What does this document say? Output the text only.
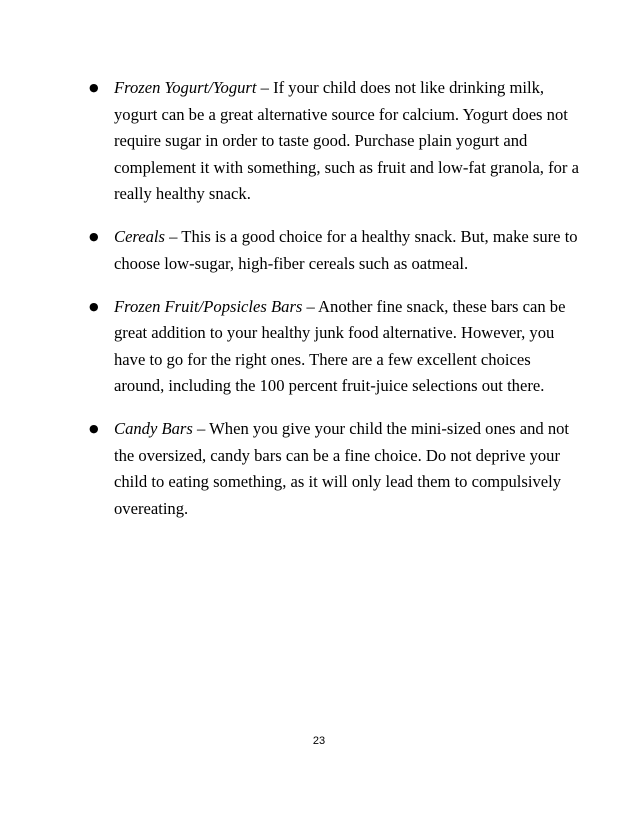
● Frozen Yogurt/Yogurt – If your child does not like drinking milk, yogurt can be a great alternative source for calcium. Yogurt does not require sugar in order to taste good. Purchase plain yogurt and complement it with something, such as fruit and low-fat granola, for a really healthy snack.
● Cereals – This is a good choice for a healthy snack. But, make sure to choose low-sugar, high-fiber cereals such as oatmeal.
● Frozen Fruit/Popsicles Bars – Another fine snack, these bars can be great addition to your healthy junk food alternative. However, you have to go for the right ones. There are a few excellent choices around, including the 100 percent fruit-juice selections out there.
● Candy Bars – When you give your child the mini-sized ones and not the oversized, candy bars can be a fine choice. Do not deprive your child to eating something, as it will only lead them to compulsively overeating.
23
